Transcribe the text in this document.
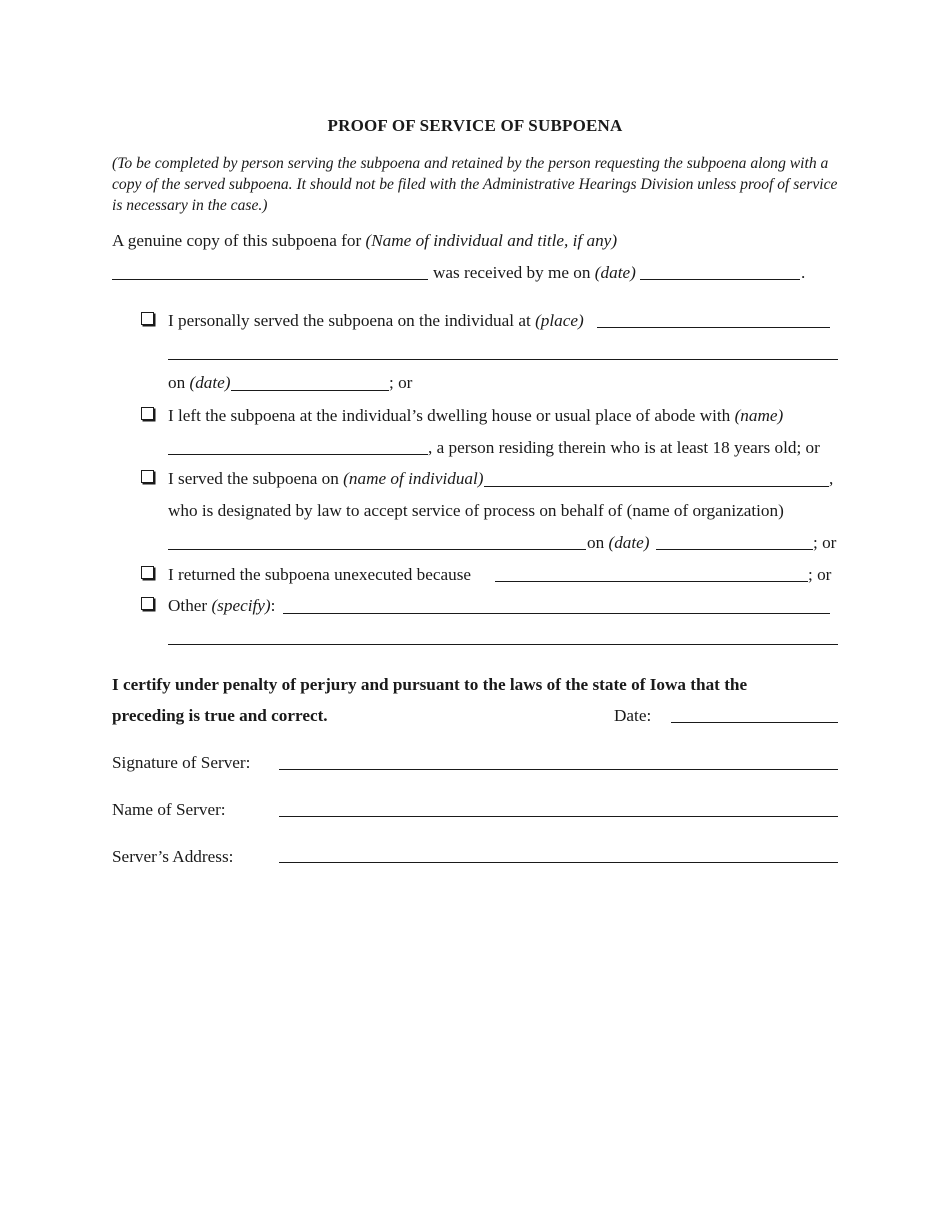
PROOF OF SERVICE OF SUBPOENA
(To be completed by person serving the subpoena and retained by the person requesting the subpoena along with a copy of the served subpoena. It should not be filed with the Administrative Hearings Division unless proof of service is necessary in the case.)
A genuine copy of this subpoena for (Name of individual and title, if any)
was received by me on (date)	.
I personally served the subpoena on the individual at (place)
on (date)	; or
I left the subpoena at the individual’s dwelling house or usual place of abode with (name)
, a person residing therein who is at least 18 years old; or
I served the subpoena on (name of individual)	,
who is designated by law to accept service of process on behalf of (name of organization)
on (date)	; or
I returned the subpoena unexecuted because	; or
Other (specify):
I certify under penalty of perjury and pursuant to the laws of the state of Iowa that the
preceding is true and correct.	Date:
Signature of Server:
Name of Server:
Server’s Address:
